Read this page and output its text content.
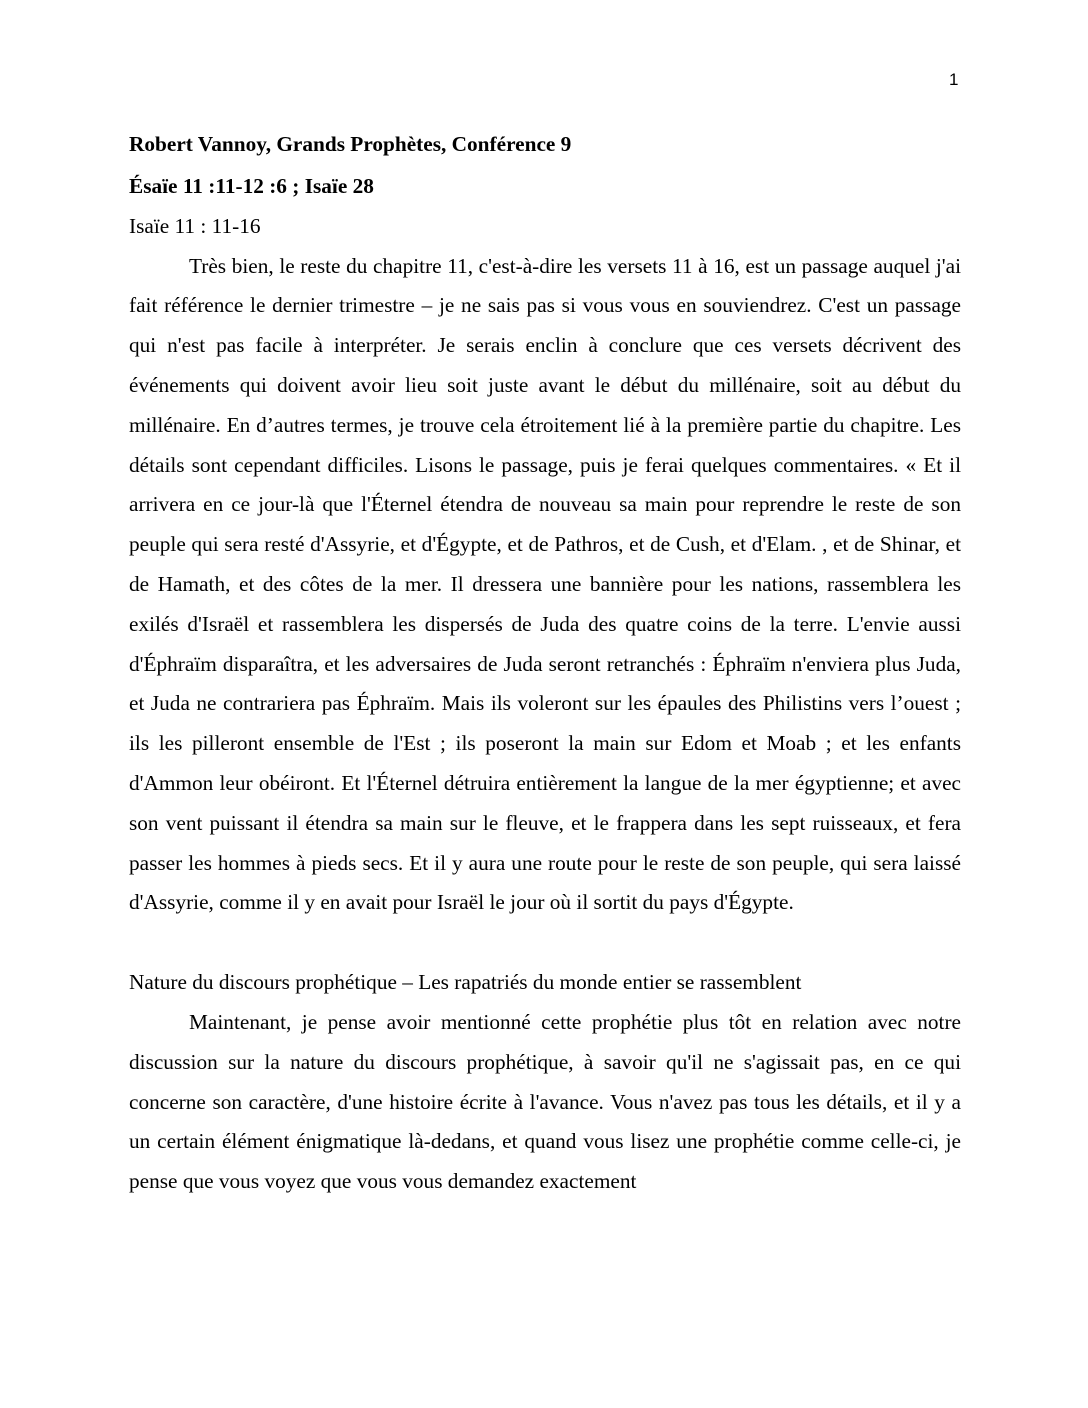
1
Robert Vannoy, Grands Prophètes, Conférence 9
Ésaïe 11 :11-12 :6 ; Isaïe 28

Isaïe 11 : 11-16

Très bien, le reste du chapitre 11, c'est-à-dire les versets 11 à 16, est un passage auquel j'ai fait référence le dernier trimestre – je ne sais pas si vous vous en souviendrez. C'est un passage qui n'est pas facile à interpréter. Je serais enclin à conclure que ces versets décrivent des événements qui doivent avoir lieu soit juste avant le début du millénaire, soit au début du millénaire. En d’autres termes, je trouve cela étroitement lié à la première partie du chapitre. Les détails sont cependant difficiles. Lisons le passage, puis je ferai quelques commentaires. « Et il arrivera en ce jour-là que l'Éternel étendra de nouveau sa main pour reprendre le reste de son peuple qui sera resté d'Assyrie, et d'Égypte, et de Pathros, et de Cush, et d'Elam. , et de Shinar, et de Hamath, et des côtes de la mer. Il dressera une bannière pour les nations, rassemblera les exilés d'Israël et rassemblera les dispersés de Juda des quatre coins de la terre. L'envie aussi d'Éphraïm disparaîtra, et les adversaires de Juda seront retranchés : Éphraïm n'enviera plus Juda, et Juda ne contrariera pas Éphraïm. Mais ils voleront sur les épaules des Philistins vers l’ouest ; ils les pilleront ensemble de l'Est ; ils poseront la main sur Edom et Moab ; et les enfants d'Ammon leur obéiront. Et l'Éternel détruira entièrement la langue de la mer égyptienne; et avec son vent puissant il étendra sa main sur le fleuve, et le frappera dans les sept ruisseaux, et fera passer les hommes à pieds secs. Et il y aura une route pour le reste de son peuple, qui sera laissé d'Assyrie, comme il y en avait pour Israël le jour où il sortit du pays d'Égypte.

Nature du discours prophétique – Les rapatriés du monde entier se rassemblent

Maintenant, je pense avoir mentionné cette prophétie plus tôt en relation avec notre discussion sur la nature du discours prophétique, à savoir qu'il ne s'agissait pas, en ce qui concerne son caractère, d'une histoire écrite à l'avance. Vous n'avez pas tous les détails, et il y a un certain élément énigmatique là-dedans, et quand vous lisez une prophétie comme celle-ci, je pense que vous voyez que vous vous demandez exactement
